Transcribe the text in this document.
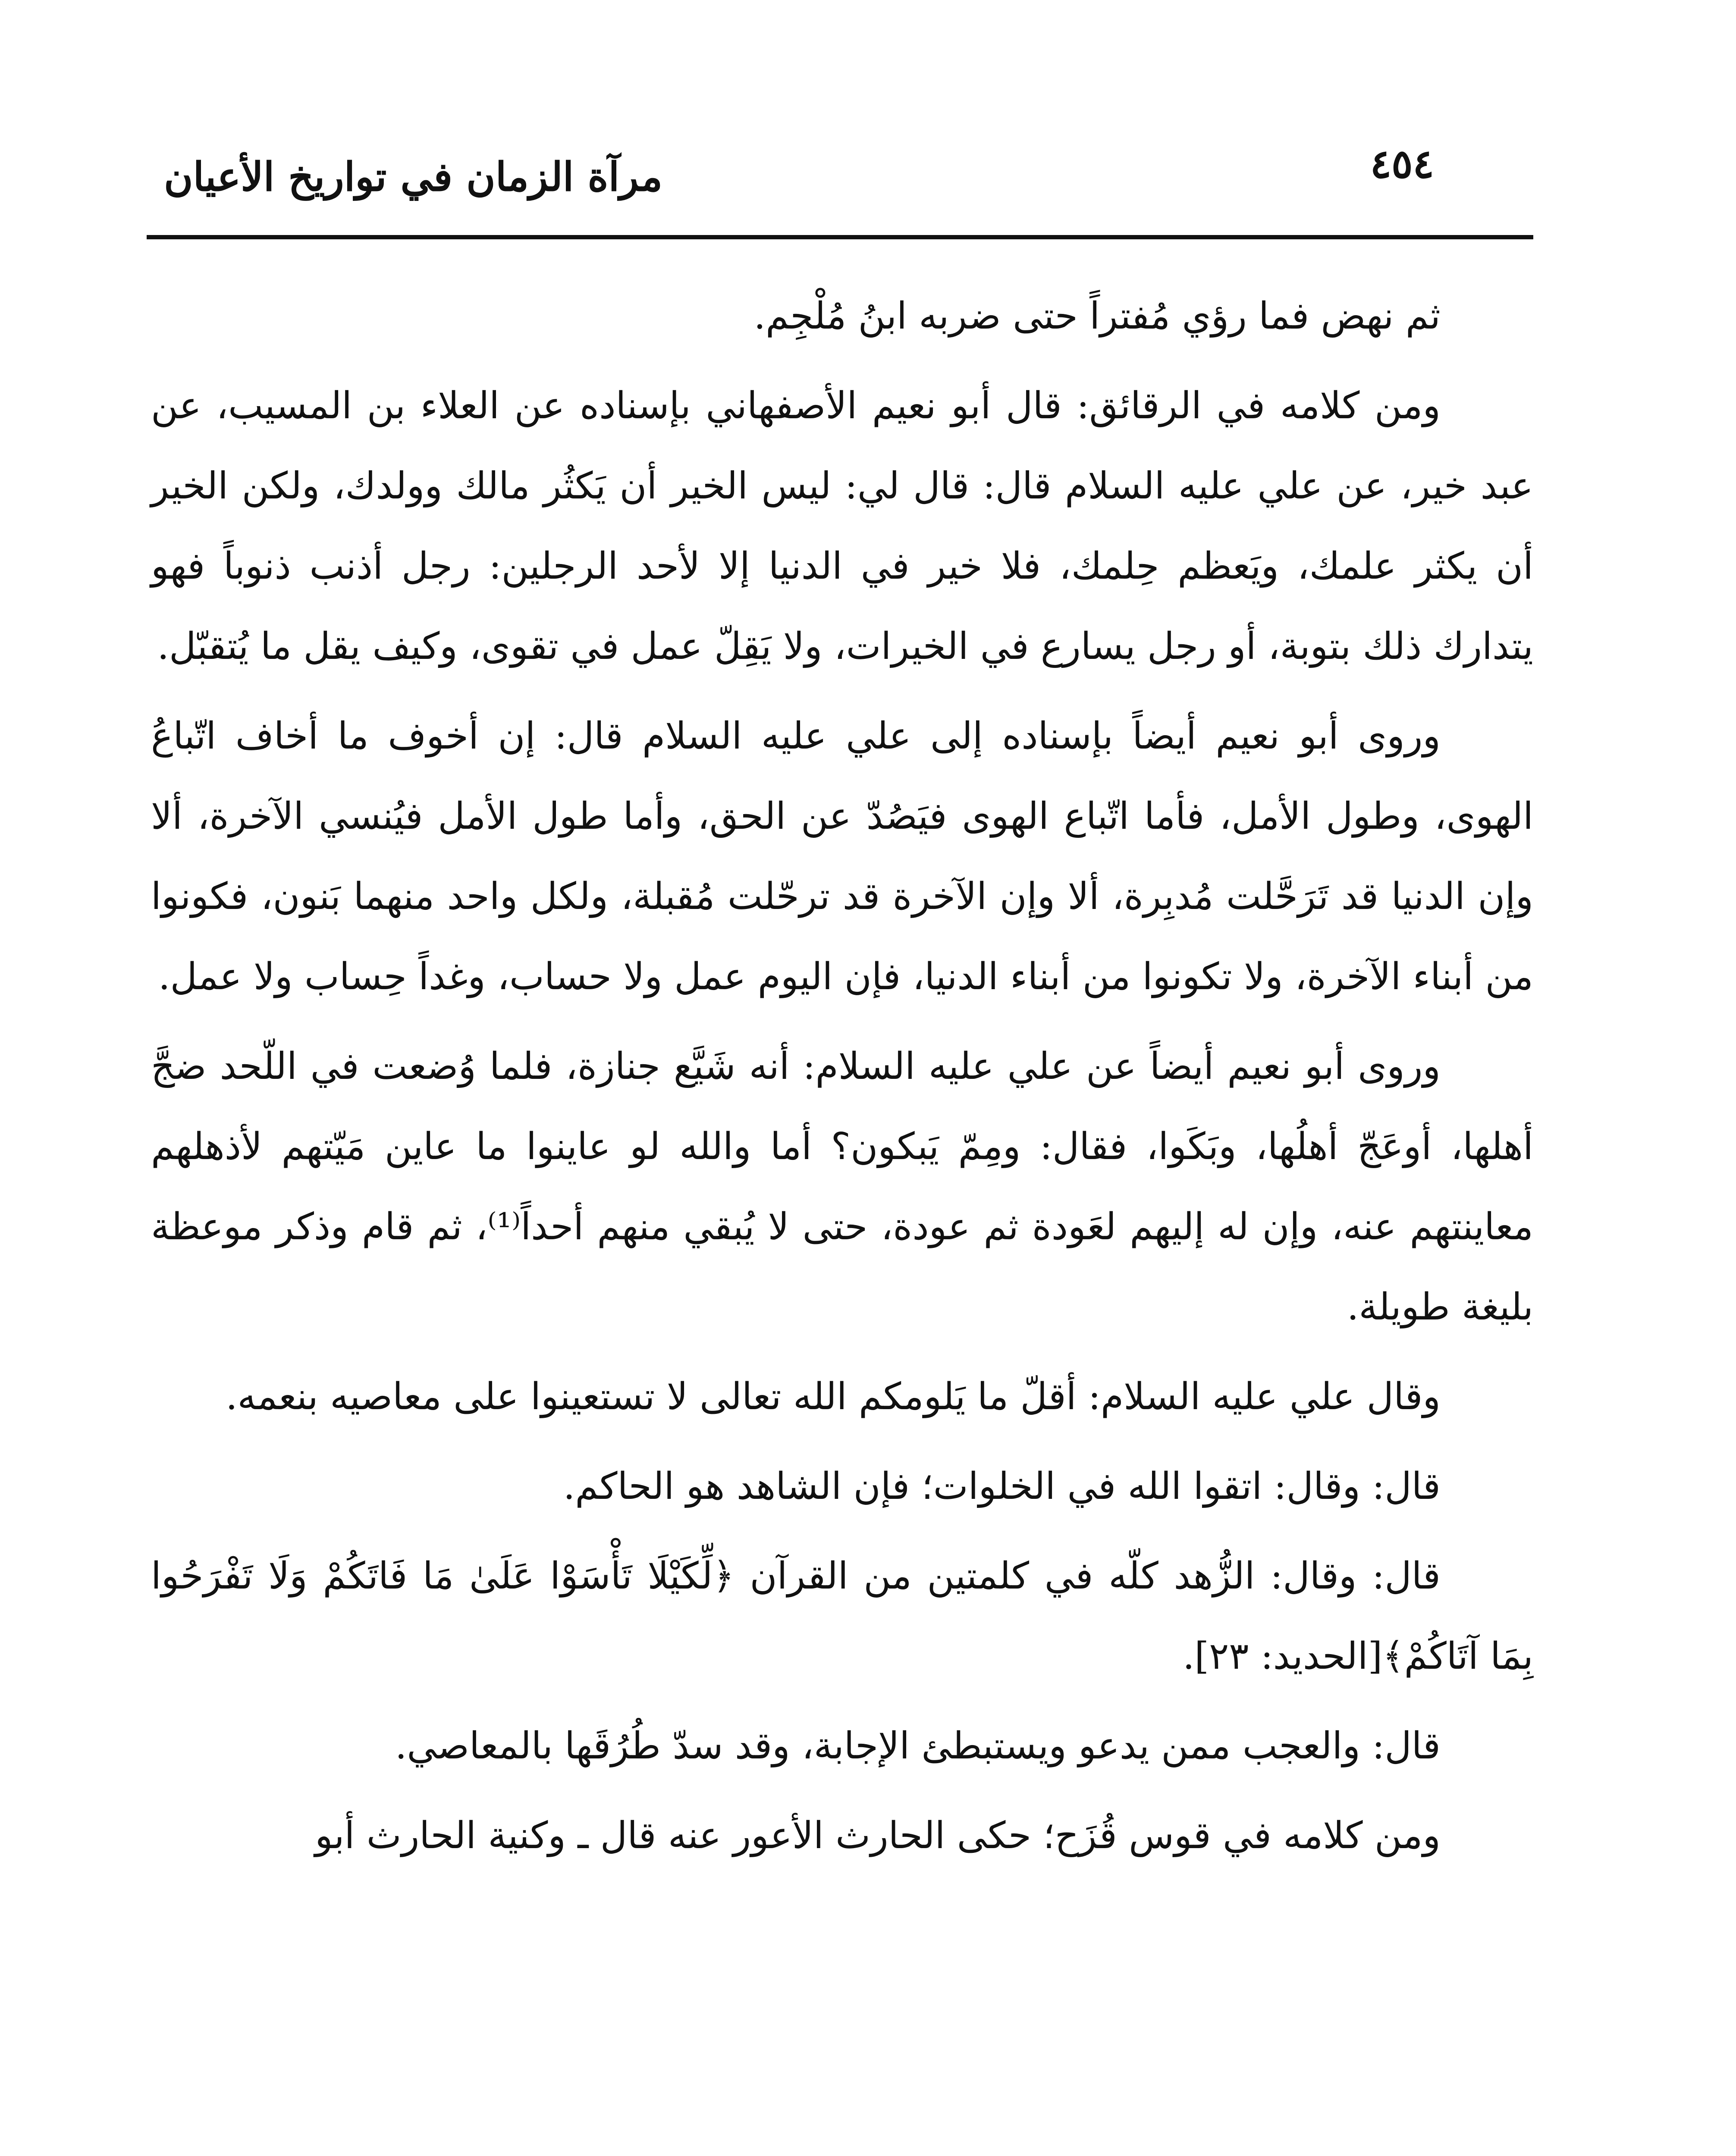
٤٥٤
مرآة الزمان في تواريخ الأعيان

ثم نهض فما رؤي مُفتراً حتى ضربه ابنُ مُلْجِم.

ومن كلامه في الرقائق: قال أبو نعيم الأصفهاني بإسناده عن العلاء بن المسيب، عن عبد خير، عن علي عليه السلام قال: قال لي: ليس الخير أن يَكثُر مالك وولدك، ولكن الخير أن يكثر علمك، ويَعظم حِلمك، فلا خير في الدنيا إلا لأحد الرجلين: رجل أذنب ذنوباً فهو يتدارك ذلك بتوبة، أو رجل يسارع في الخيرات، ولا يَقِلّ عمل في تقوى، وكيف يقل ما يُتقبّل.

وروى أبو نعيم أيضاً بإسناده إلى علي عليه السلام قال: إن أخوف ما أخاف اتّباعُ الهوى، وطول الأمل، فأما اتّباع الهوى فيَصُدّ عن الحق، وأما طول الأمل فيُنسي الآخرة، ألا وإن الدنيا قد تَرَحَّلت مُدبِرة، ألا وإن الآخرة قد ترحّلت مُقبلة، ولكل واحد منهما بَنون، فكونوا من أبناء الآخرة، ولا تكونوا من أبناء الدنيا، فإن اليوم عمل ولا حساب، وغداً حِساب ولا عمل.

وروى أبو نعيم أيضاً عن علي عليه السلام: أنه شَيَّع جنازة، فلما وُضعت في اللّحد ضجَّ أهلها، أوعَجّ أهلُها، وبَكَوا، فقال: ومِمّ يَبكون؟ أما والله لو عاينوا ما عاين مَيّتهم لأذهلهم معاينتهم عنه، وإن له إليهم لعَودة ثم عودة، حتى لا يُبقي منهم أحداً⁽¹⁾، ثم قام وذكر موعظة بليغة طويلة.

وقال علي عليه السلام: أقلّ ما يَلومكم الله تعالى لا تستعينوا على معاصيه بنعمه.

قال: وقال: اتقوا الله في الخلوات؛ فإن الشاهد هو الحاكم.

قال: وقال: الزُّهد كلّه في كلمتين من القرآن ﴿لِّكَيْلَا تَأْسَوْا عَلَىٰ مَا فَاتَكُمْ وَلَا تَفْرَحُوا بِمَا آتَاكُمْ﴾[الحديد: ٢٣].

قال: والعجب ممن يدعو ويستبطئ الإجابة، وقد سدّ طُرُقَها بالمعاصي.

ومن كلامه في قوس قُزَح؛ حكى الحارث الأعور عنه قال ـ وكنية الحارث أبو
